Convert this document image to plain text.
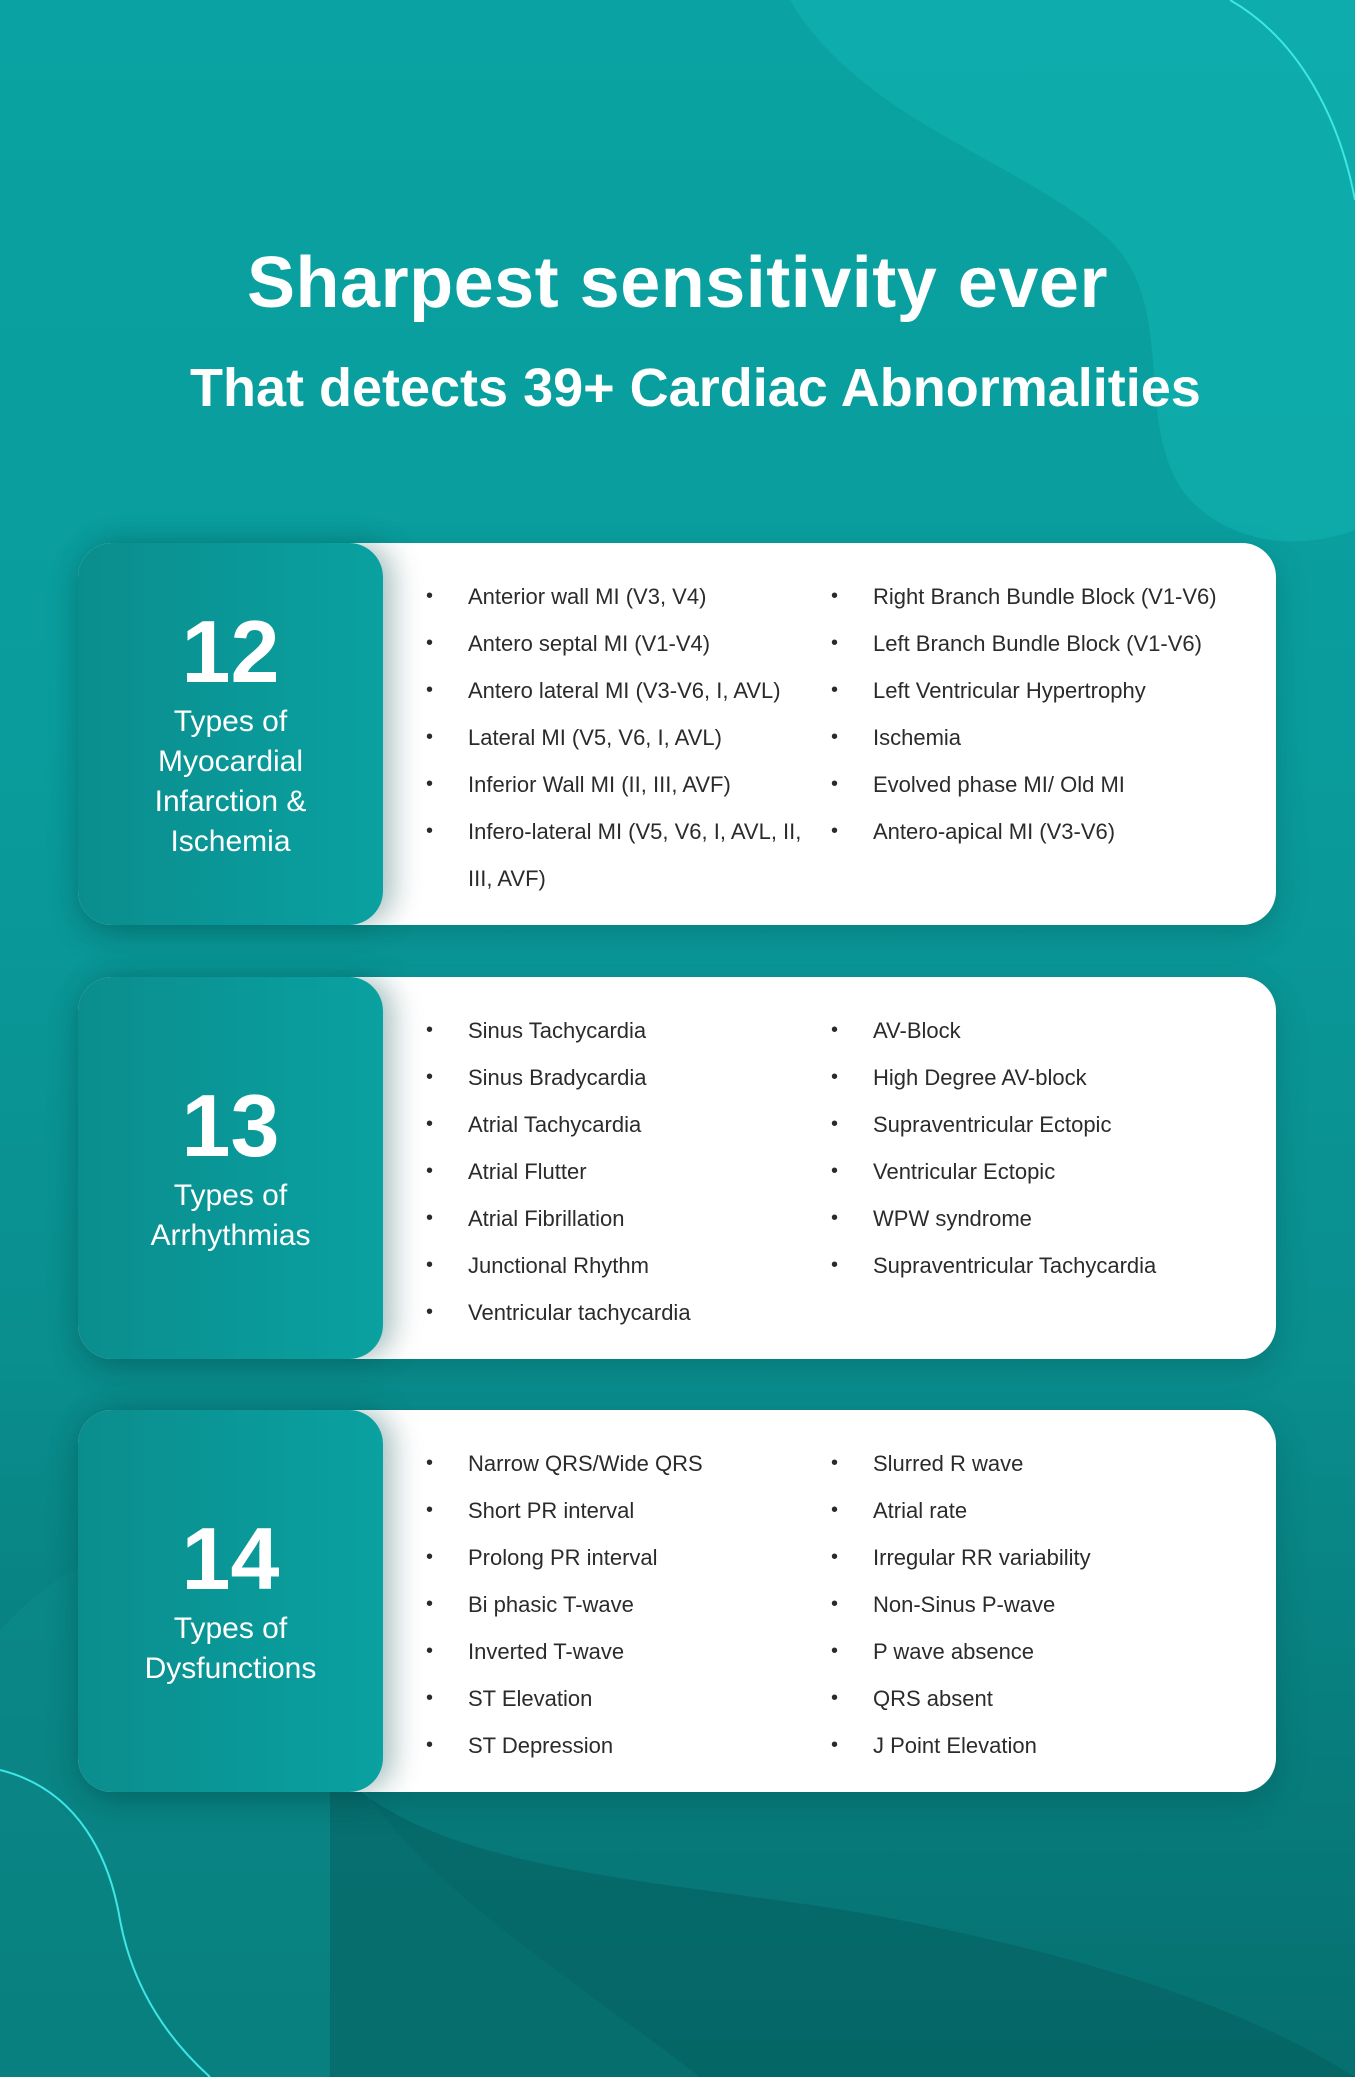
Sharpest sensitivity ever
That detects 39+ Cardiac Abnormalities
12
Types of Myocardial Infarction & Ischemia
• Anterior wall MI (V3, V4)
• Antero septal MI (V1-V4)
• Antero lateral MI (V3-V6, I, AVL)
• Lateral MI (V5, V6, I, AVL)
• Inferior Wall MI (II, III, AVF)
• Infero-lateral MI (V5, V6, I, AVL, II, III, AVF)
• Right Branch Bundle Block (V1-V6)
• Left Branch Bundle Block (V1-V6)
• Left Ventricular Hypertrophy
• Ischemia
• Evolved phase MI/ Old MI
• Antero-apical MI (V3-V6)
13
Types of Arrhythmias
• Sinus Tachycardia
• Sinus Bradycardia
• Atrial Tachycardia
• Atrial Flutter
• Atrial Fibrillation
• Junctional Rhythm
• Ventricular tachycardia
• AV-Block
• High Degree AV-block
• Supraventricular Ectopic
• Ventricular Ectopic
• WPW syndrome
• Supraventricular Tachycardia
14
Types of Dysfunctions
• Narrow QRS/Wide QRS
• Short PR interval
• Prolong PR interval
• Bi phasic T-wave
• Inverted T-wave
• ST Elevation
• ST Depression
• Slurred R wave
• Atrial rate
• Irregular RR variability
• Non-Sinus P-wave
• P wave absence
• QRS absent
• J Point Elevation
